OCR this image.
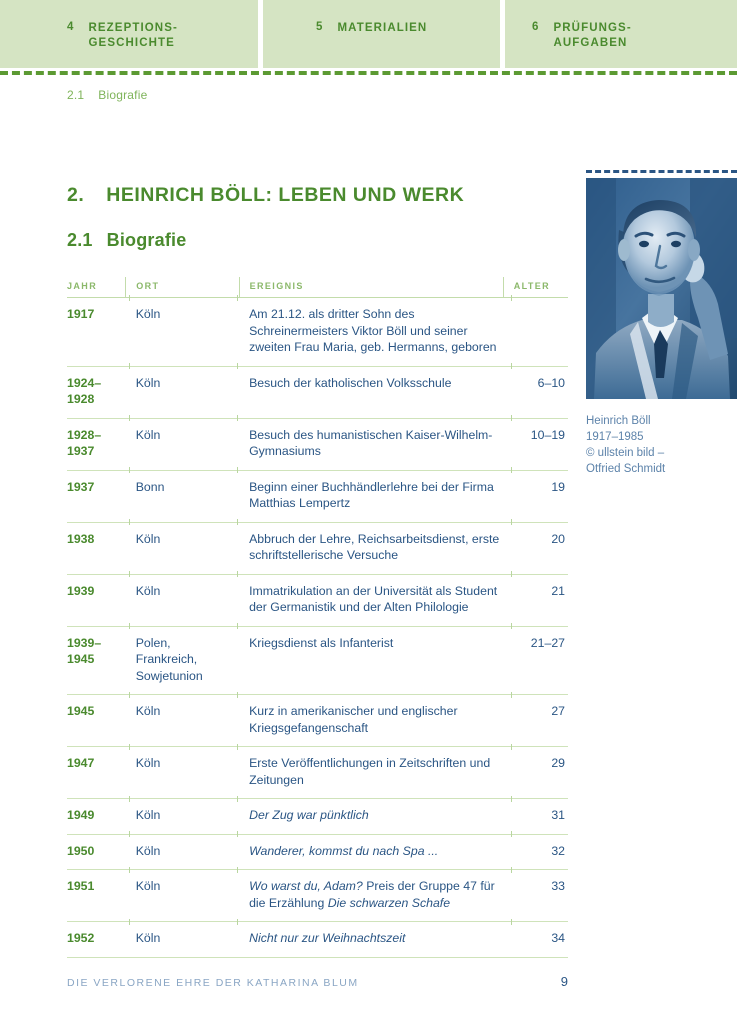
4 REZEPTIONS-
GESCHICHTE
5 MATERIALIEN	6 PRÜFUNGS-
AUFGABEN
2.1 Biografie
2. HEINRICH BÖLL: LEBEN UND WERK
2.1 Biografie
JAHR	ORT	EREIGNIS	ALTER
1917	Köln	Am 21.12. als dritter Sohn des Schreinermeisters Viktor Böll und seiner zweiten Frau Maria, geb. Hermanns, geboren	
1924–
1928	Köln	Besuch der katholischen Volksschule	6–10
1928–
1937	Köln	Besuch des humanistischen Kaiser-Wilhelm-Gymnasiums	10–19
1937	Bonn	Beginn einer Buchhändlerlehre bei der Firma Matthias Lempertz	19
1938	Köln	Abbruch der Lehre, Reichsarbeitsdienst, erste schriftstellerische Versuche	20
1939	Köln	Immatrikulation an der Universität als Student der Germanistik und der Alten Philologie	21
1939–
1945	Polen,
Frankreich,
Sowjetunion	Kriegsdienst als Infanterist	21–27
1945	Köln	Kurz in amerikanischer und englischer Kriegsgefangenschaft	27
1947	Köln	Erste Veröffentlichungen in Zeitschriften und Zeitungen	29
1949	Köln	Der Zug war pünktlich	31
1950	Köln	Wanderer, kommst du nach Spa ...	32
1951	Köln	Wo warst du, Adam? Preis der Gruppe 47 für die Erzählung Die schwarzen Schafe	33
1952	Köln	Nicht nur zur Weihnachtszeit	34
Heinrich Böll
1917–1985
© ullstein bild –
Otfried Schmidt
DIE VERLORENE EHRE DER KATHARINA BLUM	9
